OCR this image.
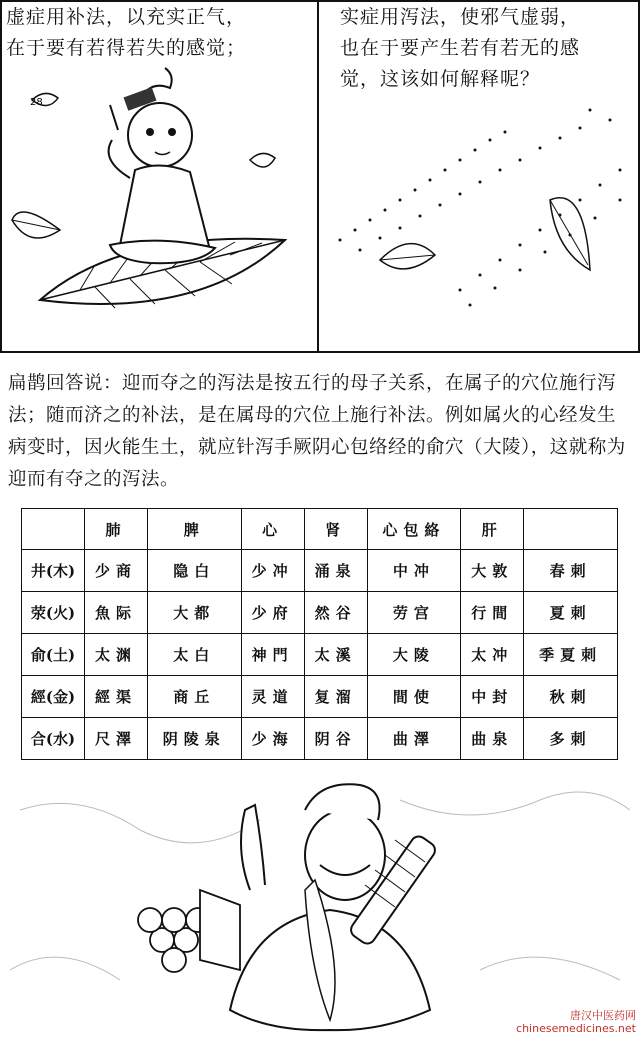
虚症用补法，以充实正气，
在于要有若得若失的感觉；
实症用泻法，使邪气虚弱，
也在于要产生若有若无的感
觉，这该如何解释呢？
28
扁鹊回答说：迎而夺之的泻法是按五行的母子关系，在属子的穴位施行泻法；随而济之的补法，是在属母的穴位上施行补法。例如属火的心经发生病变时，因火能生土，就应针泻手厥阴心包络经的俞穴（大陵），这就称为迎而有夺之的泻法。
	肺	脾	心	肾	心包絡	肝	
井(木)	少商	隐白	少冲	涌泉	中冲	大敦	春刺
荥(火)	魚际	大都	少府	然谷	劳宫	行間	夏刺
俞(土)	太渊	太白	神門	太溪	大陵	太冲	季夏刺
經(金)	經渠	商丘	灵道	复溜	間使	中封	秋刺
合(水)	尺澤	阴陵泉	少海	阴谷	曲澤	曲泉	多刺
唐汉中医药网
chinesemedicines.net
